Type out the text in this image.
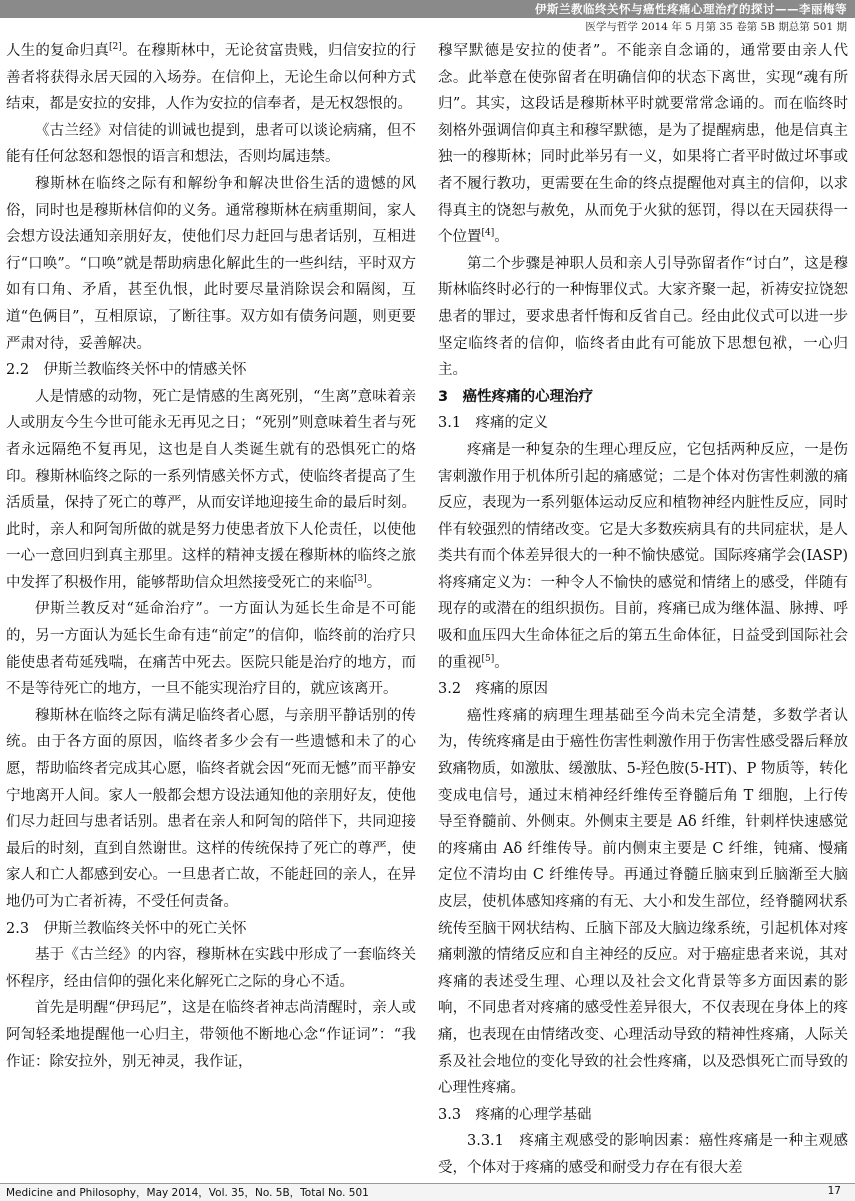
伊斯兰教临终关怀与癌性疼痛心理治疗的探讨——李丽梅等
医学与哲学 2014 年 5 月第 35 卷第 5B 期总第 501 期

人生的复命归真[2]。在穆斯林中，无论贫富贵贱，归信安拉的行善者将获得永居天园的入场券。在信仰上，无论生命以何种方式结束，都是安拉的安排，人作为安拉的信奉者，是无权怨恨的。

《古兰经》对信徒的训诫也提到，患者可以谈论病痛，但不能有任何忿怒和怨恨的语言和想法，否则均属违禁。

穆斯林在临终之际有和解纷争和解决世俗生活的遗憾的风俗，同时也是穆斯林信仰的义务。通常穆斯林在病重期间，家人会想方设法通知亲朋好友，使他们尽力赶回与患者话别，互相进行“口唤”。“口唤”就是帮助病患化解此生的一些纠结，平时双方如有口角、矛盾，甚至仇恨，此时要尽量消除误会和隔阂，互道“色俩目”，互相原谅，了断往事。双方如有债务问题，则更要严肃对待，妥善解决。

2.2　伊斯兰教临终关怀中的情感关怀

人是情感的动物，死亡是情感的生离死别，“生离”意味着亲人或朋友今生今世可能永无再见之日；“死别”则意味着生者与死者永远隔绝不复再见，这也是自人类诞生就有的恐惧死亡的烙印。穆斯林临终之际的一系列情感关怀方式，使临终者提高了生活质量，保持了死亡的尊严，从而安详地迎接生命的最后时刻。此时，亲人和阿訇所做的就是努力使患者放下人伦责任，以使他一心一意回归到真主那里。这样的精神支援在穆斯林的临终之旅中发挥了积极作用，能够帮助信众坦然接受死亡的来临[3]。

伊斯兰教反对“延命治疗”。一方面认为延长生命是不可能的，另一方面认为延长生命有违“前定”的信仰，临终前的治疗只能使患者苟延残喘，在痛苦中死去。医院只能是治疗的地方，而不是等待死亡的地方，一旦不能实现治疗目的，就应该离开。

穆斯林在临终之际有满足临终者心愿，与亲朋平静话别的传统。由于各方面的原因，临终者多少会有一些遗憾和未了的心愿，帮助临终者完成其心愿，临终者就会因“死而无憾”而平静安宁地离开人间。家人一般都会想方设法通知他的亲朋好友，使他们尽力赶回与患者话别。患者在亲人和阿訇的陪伴下，共同迎接最后的时刻，直到自然谢世。这样的传统保持了死亡的尊严，使家人和亡人都感到安心。一旦患者亡故，不能赶回的亲人，在异地仍可为亡者祈祷，不受任何责备。

2.3　伊斯兰教临终关怀中的死亡关怀

基于《古兰经》的内容，穆斯林在实践中形成了一套临终关怀程序，经由信仰的强化来化解死亡之际的身心不适。

首先是明醒“伊玛尼”，这是在临终者神志尚清醒时，亲人或阿訇轻柔地提醒他一心归主，带领他不断地心念“作证词”：“我作证：除安拉外，别无神灵，我作证，

穆罕默德是安拉的使者”。不能亲自念诵的，通常要由亲人代念。此举意在使弥留者在明确信仰的状态下离世，实现“魂有所归”。其实，这段话是穆斯林平时就要常常念诵的。而在临终时刻格外强调信仰真主和穆罕默德，是为了提醒病患，他是信真主独一的穆斯林；同时此举另有一义，如果将亡者平时做过坏事或者不履行教功，更需要在生命的终点提醒他对真主的信仰，以求得真主的饶恕与赦免，从而免于火狱的惩罚，得以在天园获得一个位置[4]。

第二个步骤是神职人员和亲人引导弥留者作“讨白”，这是穆斯林临终时必行的一种悔罪仪式。大家齐聚一起，祈祷安拉饶恕患者的罪过，要求患者忏悔和反省自己。经由此仪式可以进一步坚定临终者的信仰，临终者由此有可能放下思想包袱，一心归主。

3　癌性疼痛的心理治疗
3.1　疼痛的定义

疼痛是一种复杂的生理心理反应，它包括两种反应，一是伤害刺激作用于机体所引起的痛感觉；二是个体对伤害性刺激的痛反应，表现为一系列躯体运动反应和植物神经内脏性反应，同时伴有较强烈的情绪改变。它是大多数疾病具有的共同症状，是人类共有而个体差异很大的一种不愉快感觉。国际疼痛学会(IASP)将疼痛定义为：一种令人不愉快的感觉和情绪上的感受，伴随有现存的或潜在的组织损伤。目前，疼痛已成为继体温、脉搏、呼吸和血压四大生命体征之后的第五生命体征，日益受到国际社会的重视[5]。

3.2　疼痛的原因

癌性疼痛的病理生理基础至今尚未完全清楚，多数学者认为，传统疼痛是由于癌性伤害性刺激作用于伤害性感受器后释放致痛物质，如激肽、缓激肽、5-羟色胺(5-HT)、P 物质等，转化变成电信号，通过末梢神经纤维传至脊髓后角 T 细胞，上行传导至脊髓前、外侧束。外侧束主要是 Aδ 纤维，针刺样快速感觉的疼痛由 Aδ 纤维传导。前内侧束主要是 C 纤维，钝痛、慢痛定位不清均由 C 纤维传导。再通过脊髓丘脑束到丘脑渐至大脑皮层，使机体感知疼痛的有无、大小和发生部位，经脊髓网状系统传至脑干网状结构、丘脑下部及大脑边缘系统，引起机体对疼痛刺激的情绪反应和自主神经的反应。对于癌症患者来说，其对疼痛的表述受生理、心理以及社会文化背景等多方面因素的影响，不同患者对疼痛的感受性差异很大，不仅表现在身体上的疼痛，也表现在由情绪改变、心理活动导致的精神性疼痛，人际关系及社会地位的变化导致的社会性疼痛，以及恐惧死亡而导致的心理性疼痛。

3.3　疼痛的心理学基础

3.3.1　疼痛主观感受的影响因素：癌性疼痛是一种主观感受，个体对于疼痛的感受和耐受力存在有很大差

Medicine and Philosophy，May 2014，Vol. 35，No. 5B，Total No. 501	17
